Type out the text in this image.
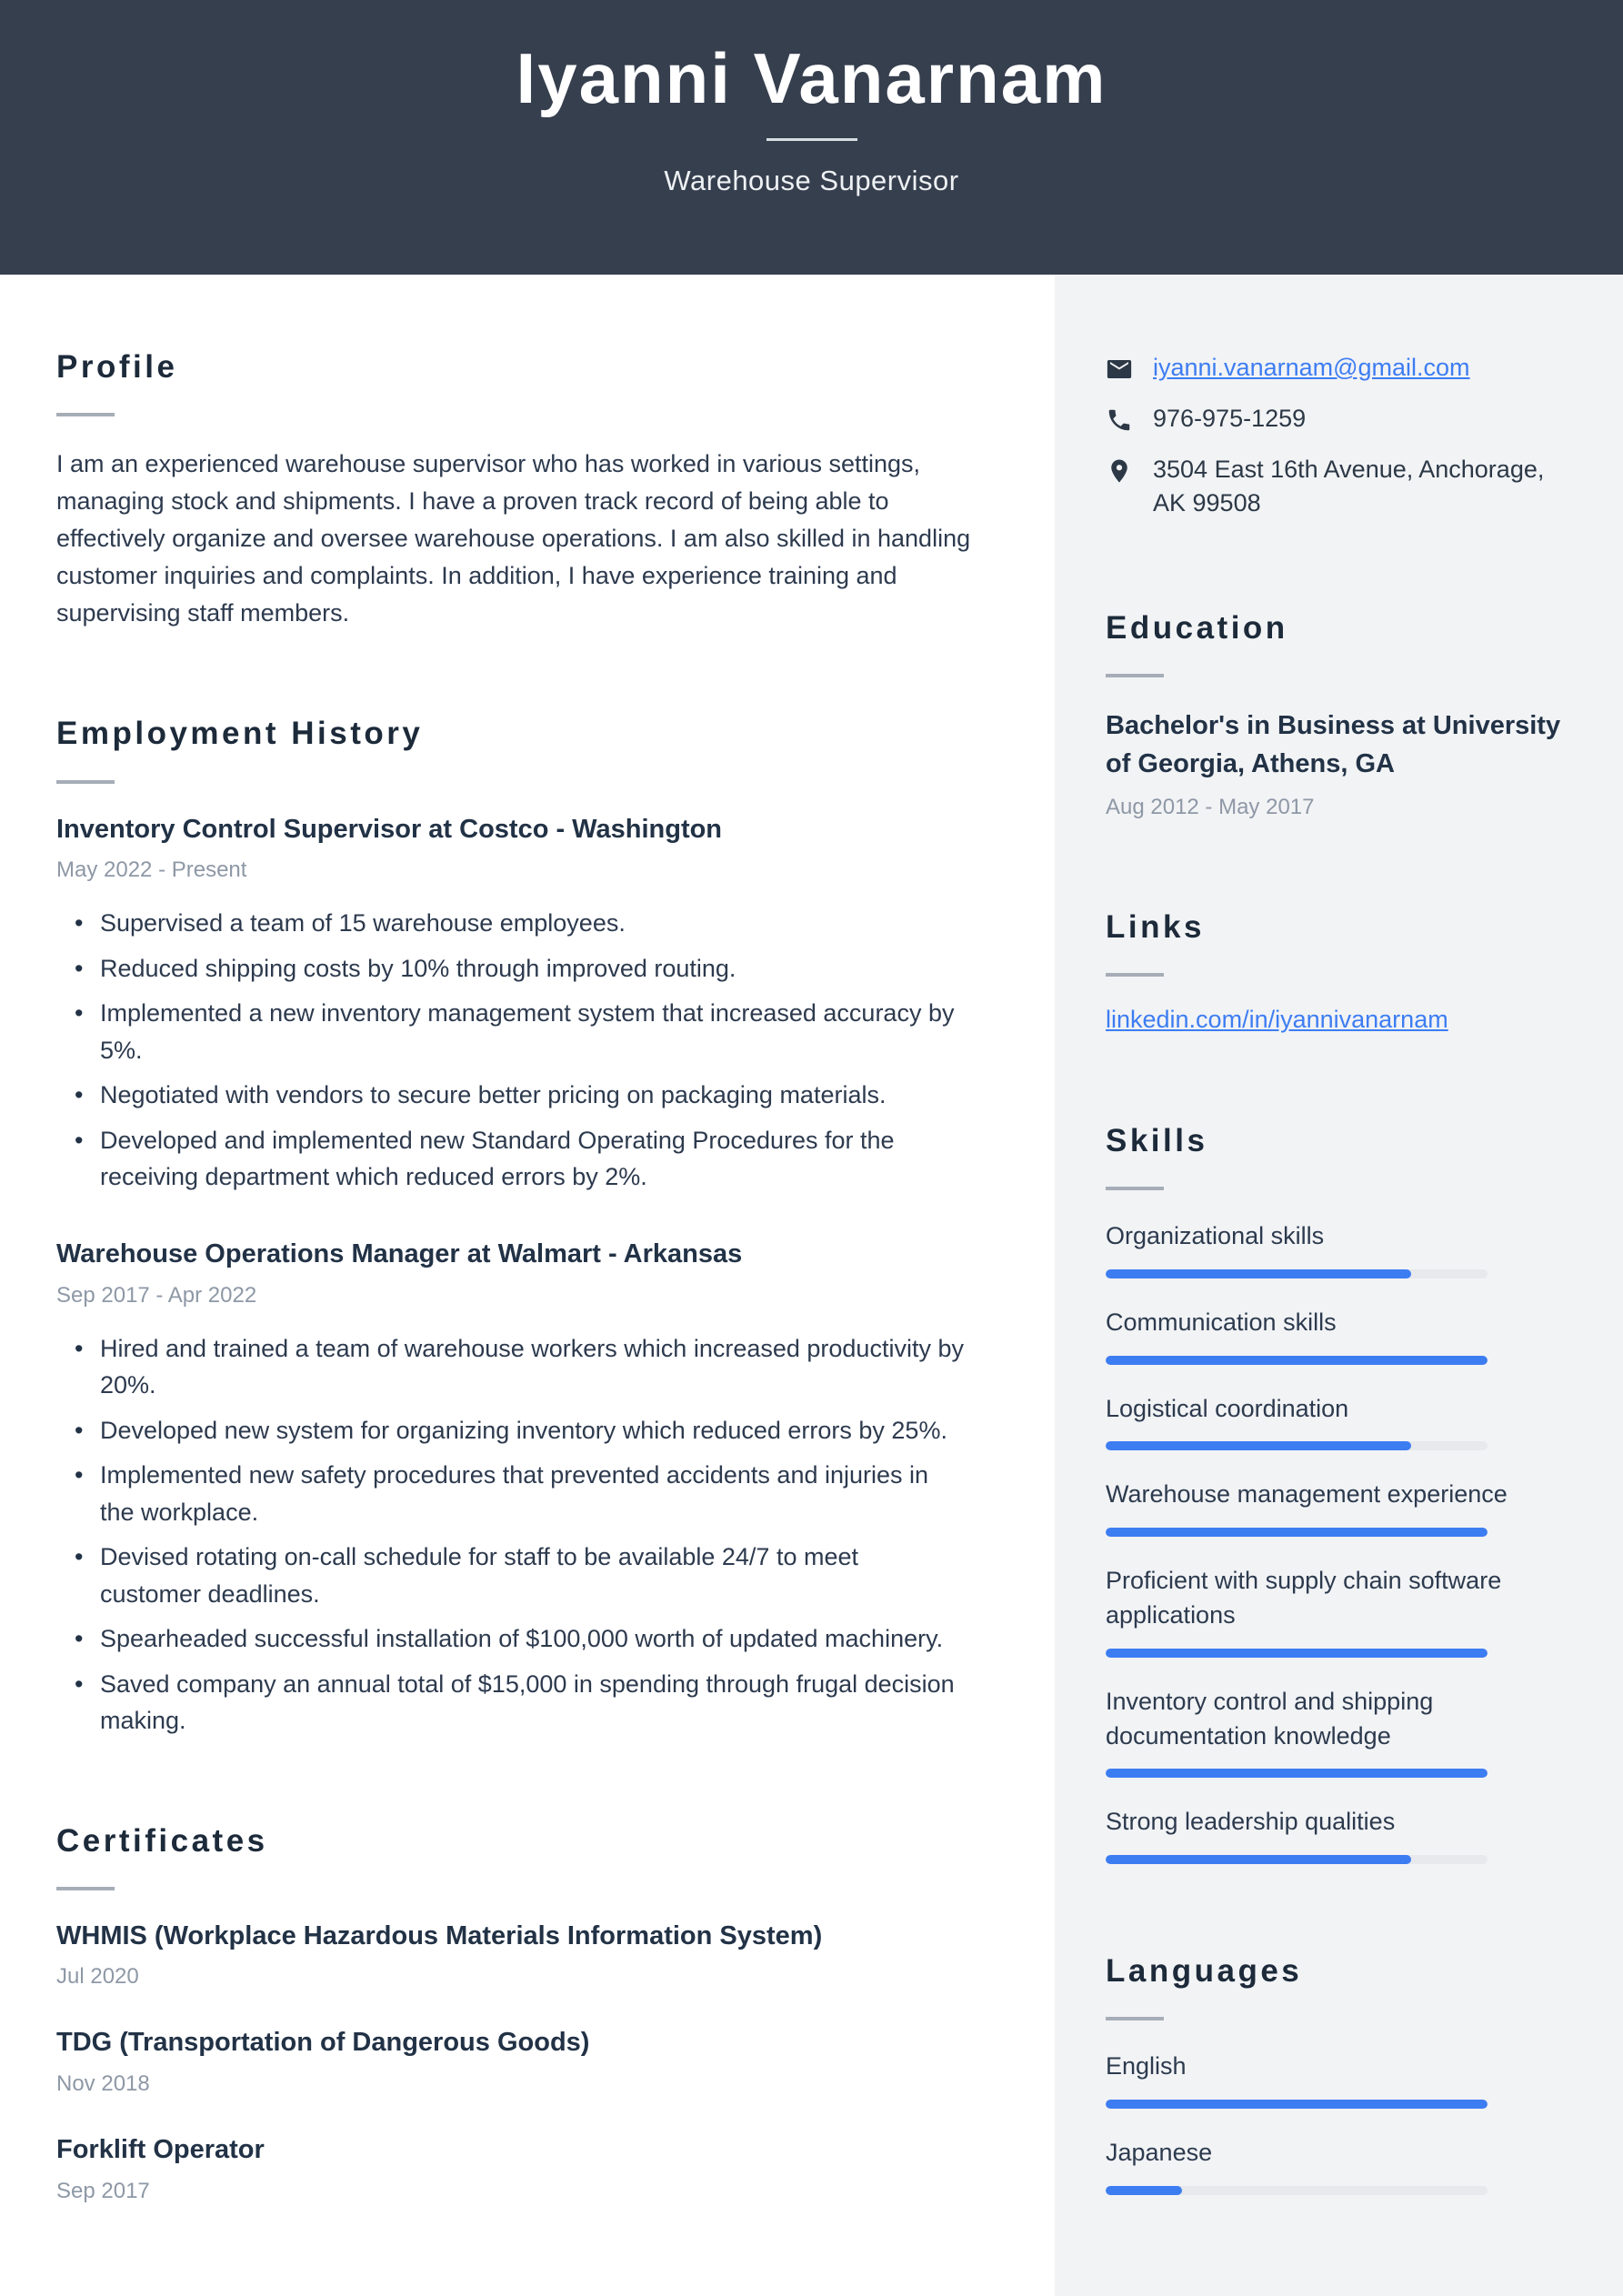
Iyanni Vanarnam
Warehouse Supervisor
Profile

I am an experienced warehouse supervisor who has worked in various settings, managing stock and shipments. I have a proven track record of being able to effectively organize and oversee warehouse operations. I am also skilled in handling customer inquiries and complaints. In addition, I have experience training and supervising staff members.

Employment History
Inventory Control Supervisor at Costco - Washington
May 2022 - Present
• Supervised a team of 15 warehouse employees.
• Reduced shipping costs by 10% through improved routing.
• Implemented a new inventory management system that increased accuracy by 5%.
• Negotiated with vendors to secure better pricing on packaging materials.
• Developed and implemented new Standard Operating Procedures for the receiving department which reduced errors by 2%.
Warehouse Operations Manager at Walmart - Arkansas
Sep 2017 - Apr 2022
• Hired and trained a team of warehouse workers which increased productivity by 20%.
• Developed new system for organizing inventory which reduced errors by 25%.
• Implemented new safety procedures that prevented accidents and injuries in the workplace.
• Devised rotating on-call schedule for staff to be available 24/7 to meet customer deadlines.
• Spearheaded successful installation of $100,000 worth of updated machinery.
• Saved company an annual total of $15,000 in spending through frugal decision making.
Certificates
WHMIS (Workplace Hazardous Materials Information System)
Jul 2020
TDG (Transportation of Dangerous Goods)
Nov 2018
Forklift Operator
Sep 2017
iyanni.vanarnam@gmail.com
976-975-1259
3504 East 16th Avenue, Anchorage, AK 99508
Education

Bachelor's in Business at University of Georgia, Athens, GA

Aug 2012 - May 2017
Links
linkedin.com/in/iyannivanarnam
Skills
Organizational skills
Communication skills
Logistical coordination
Warehouse management experience
Proficient with supply chain software applications
Inventory control and shipping documentation knowledge
Strong leadership qualities
Languages
English
Japanese
